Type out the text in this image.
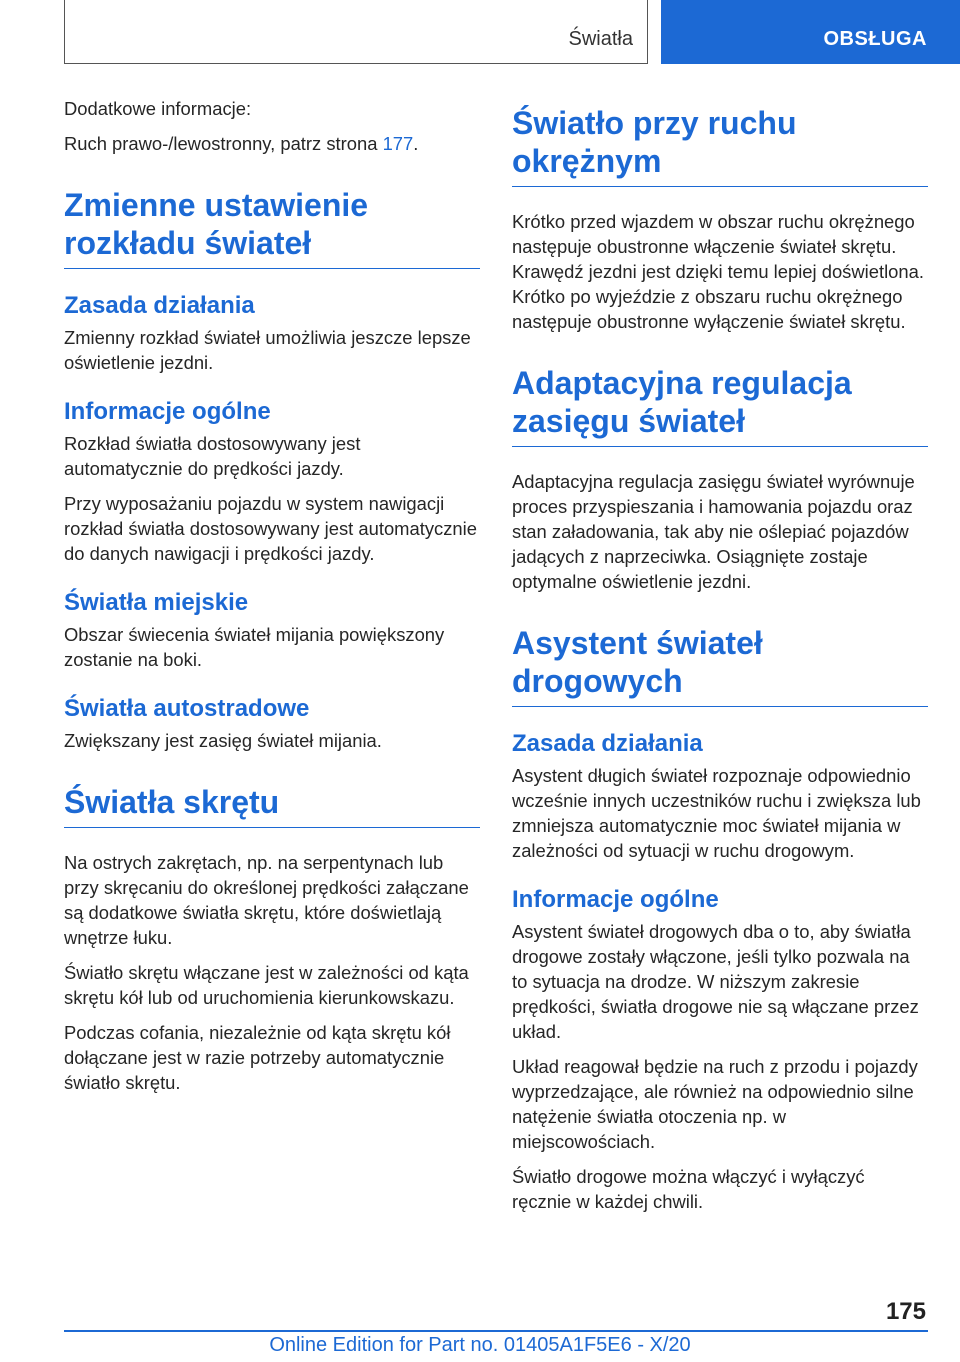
Światła	OBSŁUGA

Dodatkowe informacje:

Ruch prawo-/lewostronny, patrz strona 177.

Zmienne ustawienie rozkładu świateł
Zasada działania

Zmienny rozkład świateł umożliwia jeszcze lepsze oświetlenie jezdni.

Informacje ogólne

Rozkład światła dostosowywany jest automatycznie do prędkości jazdy.

Przy wyposażaniu pojazdu w system nawigacji rozkład światła dostosowywany jest automatycznie do danych nawigacji i prędkości jazdy.

Światła miejskie

Obszar świecenia świateł mijania powiększony zostanie na boki.

Światła autostradowe

Zwiększany jest zasięg świateł mijania.

Światła skrętu

Na ostrych zakrętach, np. na serpentynach lub przy skręcaniu do określonej prędkości załączane są dodatkowe światła skrętu, które doświetlają wnętrze łuku.

Światło skrętu włączane jest w zależności od kąta skrętu kół lub od uruchomienia kierunkowskazu.

Podczas cofania, niezależnie od kąta skrętu kół dołączane jest w razie potrzeby automatycznie światło skrętu.

Światło przy ruchu okrężnym

Krótko przed wjazdem w obszar ruchu okrężnego następuje obustronne włączenie świateł skrętu. Krawędź jezdni jest dzięki temu lepiej doświetlona. Krótko po wyjeździe z obszaru ruchu okrężnego następuje obustronne wyłączenie świateł skrętu.

Adaptacyjna regulacja zasięgu świateł

Adaptacyjna regulacja zasięgu świateł wyrównuje proces przyspieszania i hamowania pojazdu oraz stan załadowania, tak aby nie oślepiać pojazdów jadących z naprzeciwka. Osiągnięte zostaje optymalne oświetlenie jezdni.

Asystent świateł drogowych
Zasada działania

Asystent długich świateł rozpoznaje odpowiednio wcześnie innych uczestników ruchu i zwiększa lub zmniejsza automatycznie moc świateł mijania w zależności od sytuacji w ruchu drogowym.

Informacje ogólne

Asystent świateł drogowych dba o to, aby światła drogowe zostały włączone, jeśli tylko pozwala na to sytuacja na drodze. W niższym zakresie prędkości, światła drogowe nie są włączane przez układ.

Układ reagował będzie na ruch z przodu i pojazdy wyprzedzające, ale również na odpowiednio silne natężenie światła otoczenia np. w miejscowościach.

Światło drogowe można włączyć i wyłączyć ręcznie w każdej chwili.

175
Online Edition for Part no. 01405A1F5E6 - X/20
